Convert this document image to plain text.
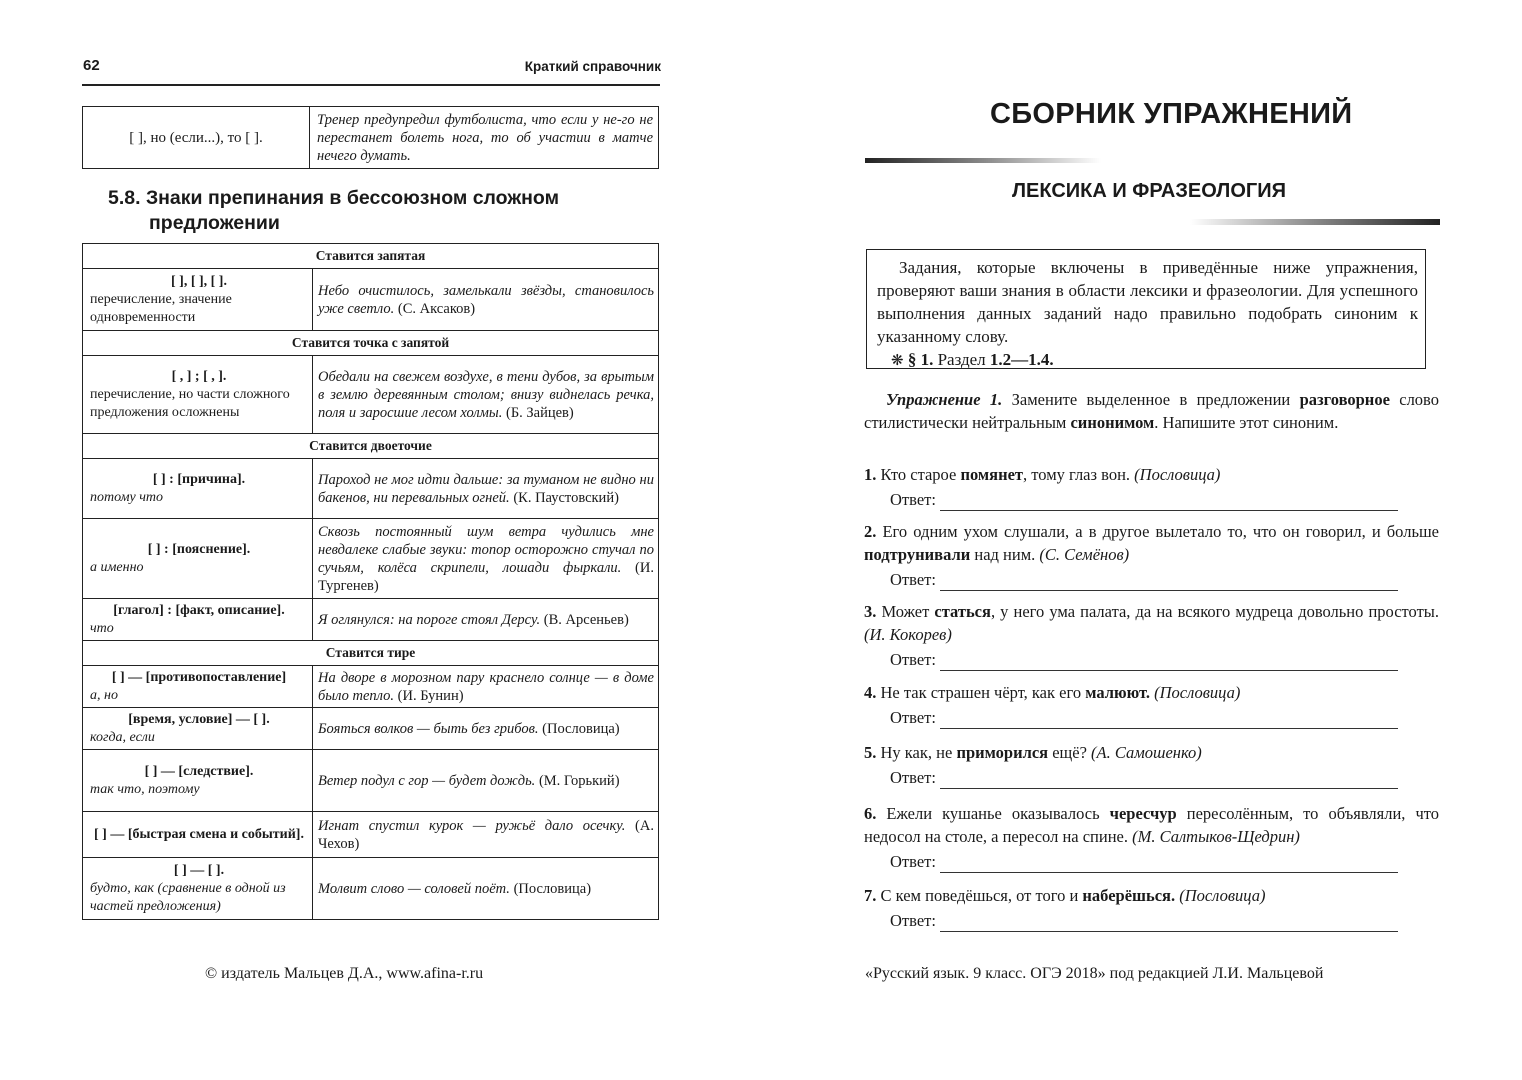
62	Краткий справочник
[ ], но (если...), то [ ].	Тренер предупредил футболиста, что если у не-го не перестанет болеть нога, то об участии в матче нечего думать.
5.8. Знаки препинания в бессоюзном сложном
предложении
Ставится запятая	

[ ], [ ], [ ].
перечисление, значение одновременности	Небо очистилось, замелькали звёзды, становилось уже светло. (С. Аксаков)
Ставится точка с запятой	

[ , ] ; [ , ].
перечисление, но части сложного предложения осложнены	Обедали на свежем воздухе, в тени дубов, за врытым в землю деревянным столом; внизу виднелась речка, поля и заросшие лесом холмы. (Б. Зайцев)
Ставится двоеточие	

[ ] : [причина].
потому что	Пароход не мог идти дальше: за туманом не видно ни бакенов, ни перевальных огней. (К. Паустовский)

[ ] : [пояснение].
а именно	Сквозь постоянный шум ветра чудились мне невдалеке слабые звуки: топор осторожно стучал по сучьям, колёса скрипели, лошади фыркали. (И. Тургенев)

[глагол] : [факт, описание].
что	Я оглянулся: на пороге стоял Дерсу. (В. Арсеньев)
Ставится тире	

[ ] — [противопоставление]
а, но	На дворе в морозном пару краснело солнце — в доме было тепло. (И. Бунин)

[время, условие] — [ ].
когда, если	Бояться волков — быть без грибов. (Пословица)

[ ] — [следствие].
так что, поэтому	Ветер подул с гор — будет дождь. (М. Горький)

[ ] — [быстрая смена и событий].	Игнат спустил курок — ружьё дало осечку. (А. Чехов)

[ ] — [ ].
будто, как (сравнение в одной из частей предложения)	Молвит слово — соловей поёт. (Пословица)
© издатель Мальцев Д.А., www.afina-r.ru
СБОРНИК УПРАЖНЕНИЙ
ЛЕКСИКА И ФРАЗЕОЛОГИЯ

Задания, которые включены в приведённые ниже упражнения, проверяют ваши знания в области лексики и фразеологии. Для успешного выполнения данных заданий надо правильно подобрать синоним к указанному слову.

❋ § 1. Раздел 1.2—1.4.

Упражнение 1. Замените выделенное в предложении разговорное слово стилистически нейтральным синонимом. Напишите этот синоним.

1. Кто старое помянет, тому глаз вон. (Пословица)

Ответ:

2. Его одним ухом слушали, а в другое вылетало то, что он говорил, и больше подтрунивали над ним. (С. Семёнов)

Ответ:

3. Может статься, у него ума палата, да на всякого мудреца довольно простоты. (И. Кокорев)

Ответ:

4. Не так страшен чёрт, как его малюют. (Пословица)

Ответ:

5. Ну как, не приморился ещё? (А. Самошенко)

Ответ:

6. Ежели кушанье оказывалось чересчур пересолённым, то объявляли, что недосол на столе, а пересол на спине. (М. Салтыков-Щедрин)

Ответ:

7. С кем поведёшься, от того и наберёшься. (Пословица)

Ответ:
«Русский язык. 9 класс. ОГЭ 2018» под редакцией Л.И. Мальцевой
